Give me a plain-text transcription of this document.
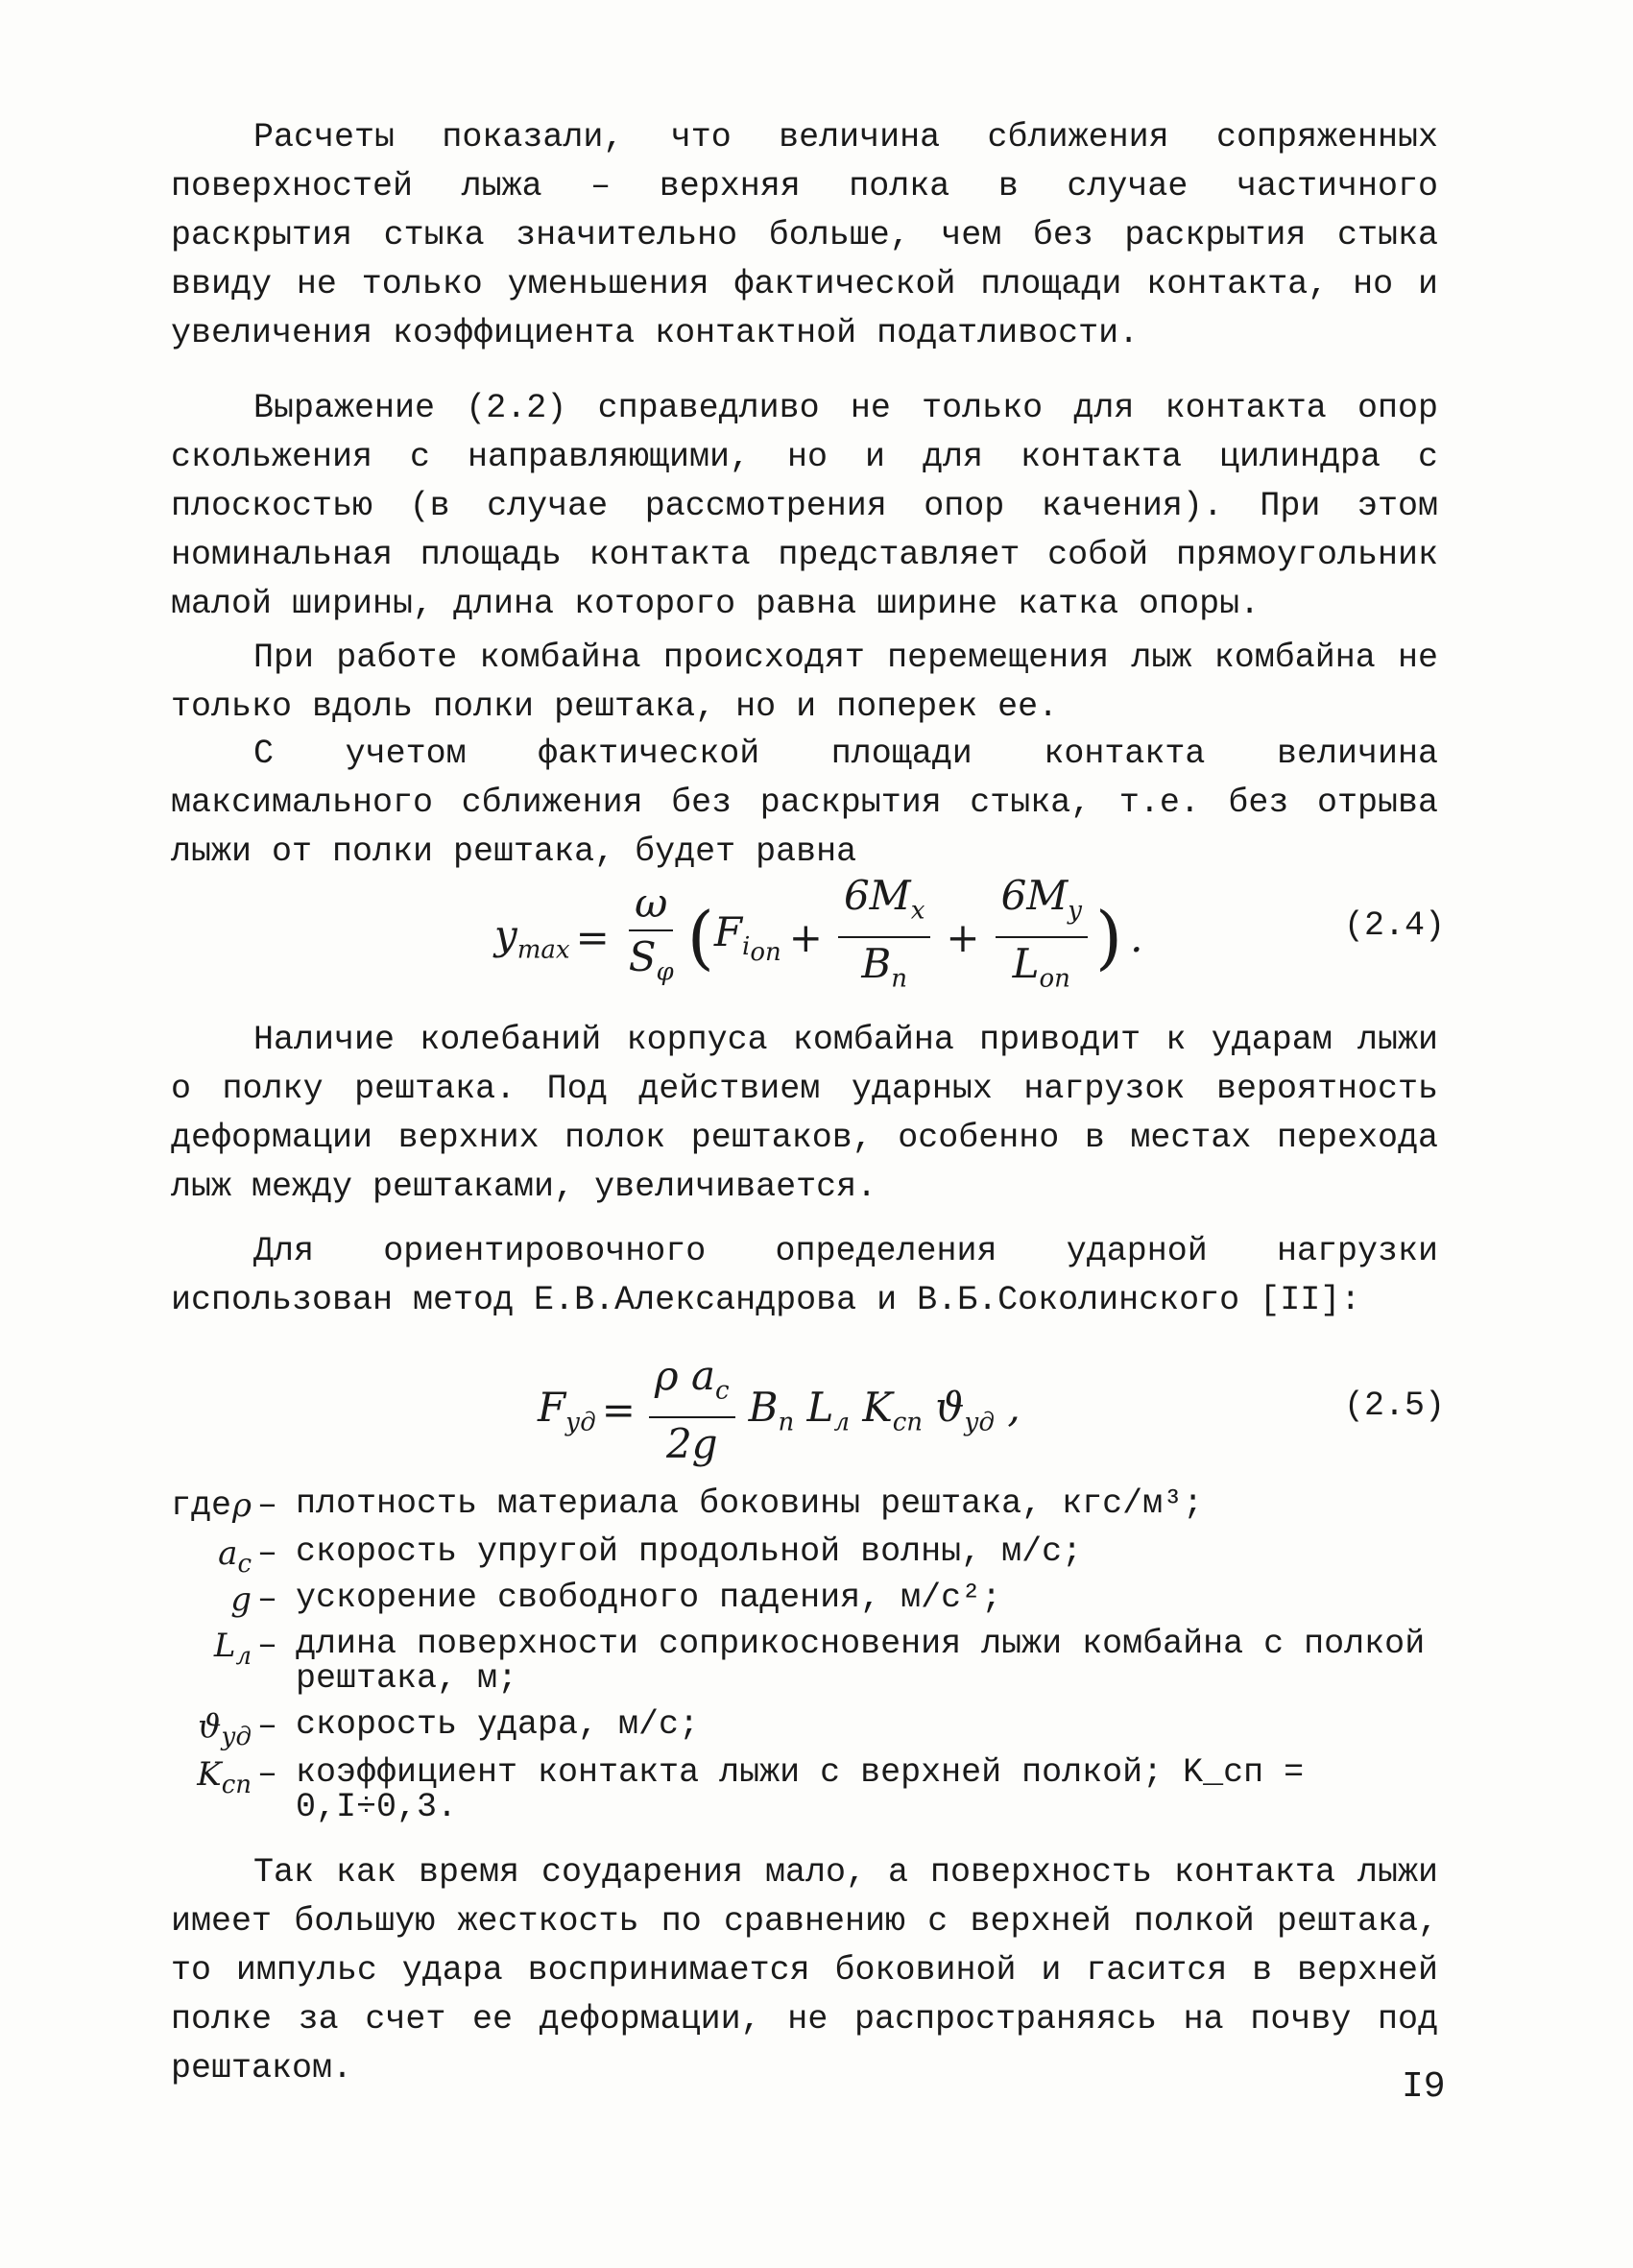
Расчеты показали, что величина сближения сопряженных поверхностей лыжа – верхняя полка в случае частичного раскрытия стыка значительно больше, чем без раскрытия стыка ввиду не только уменьшения фактической площади контакта, но и увеличения коэффициента контактной податливости.

Выражение (2.2) справедливо не только для контакта опор скольжения с направляющими, но и для контакта цилиндра с плоскостью (в случае рассмотрения опор качения). При этом номинальная площадь контакта представляет собой прямоугольник малой ширины, длина которого равна ширине катка опоры.

При работе комбайна происходят перемещения лыж комбайна не только вдоль полки рештака, но и поперек ее.

С учетом фактической площади контакта величина максимального сближения без раскрытия стыка, т.е. без отрыва лыжи от полки рештака, будет равна

$y_{max} = \frac{\omega}{S_\varphi}$ ( $F_{i_{on}} + \frac{6M_x}{B_n} + \frac{6M_y}{L_{on}}$ ) .	(2.4)

Наличие колебаний корпуса комбайна приводит к ударам лыжи о полку рештака. Под действием ударных нагрузок вероятность деформации верхних полок рештаков, особенно в местах перехода лыж между рештаками, увеличивается.

Для ориентировочного определения ударной нагрузки использован метод Е.В.Александрова и В.Б.Соколинского [II]:

$F_{уд} = \frac{\rho a_c}{2g} B_n$ $L_л$ $K_{сп}$ $ϑ_{уд}$ ,	(2.5)
где ρ – плотность материала боковины рештака, кгс/м³;
$a_c$ – скорость упругой продольной волны, м/с;
g – ускорение свободного падения, м/с²;
$L_л$ – длина поверхности соприкосновения лыжи комбайна с полкой рештака, м;
$ϑ_{уд}$ – скорость удара, м/с;
$K_{сп}$ – коэффициент контакта лыжи с верхней полкой; K_сп = 0,I÷0,3.

Так как время соударения мало, а поверхность контакта лыжи имеет большую жесткость по сравнению с верхней полкой рештака, то импульс удара воспринимается боковиной и гасится в верхней полке за счет ее деформации, не распространяясь на почву под рештаком.	I9
